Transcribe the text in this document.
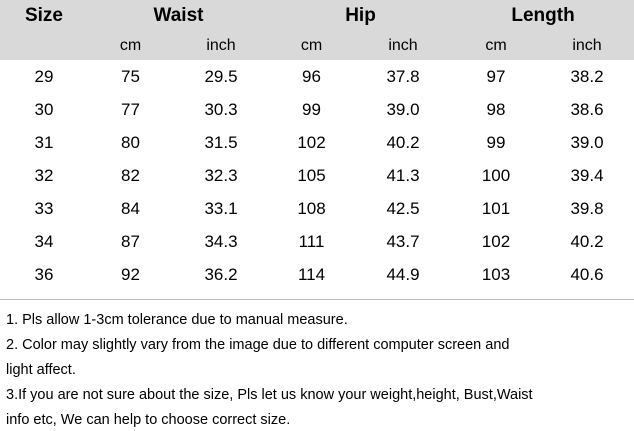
Size	Waist		Hip		Length	
	cm	inch	cm	inch	cm	inch
29	75	29.5	96	37.8	97	38.2
30	77	30.3	99	39.0	98	38.6
31	80	31.5	102	40.2	99	39.0
32	82	32.3	105	41.3	100	39.4
33	84	33.1	108	42.5	101	39.8
34	87	34.3	111	43.7	102	40.2
36	92	36.2	114	44.9	103	40.6

1. Pls allow 1-3cm tolerance due to manual measure.

2. Color may slightly vary from the image due to different computer screen and

light affect.

3.If you are not sure about the size, Pls let us know your weight,height, Bust,Waist

info etc, We can help to choose correct size.
